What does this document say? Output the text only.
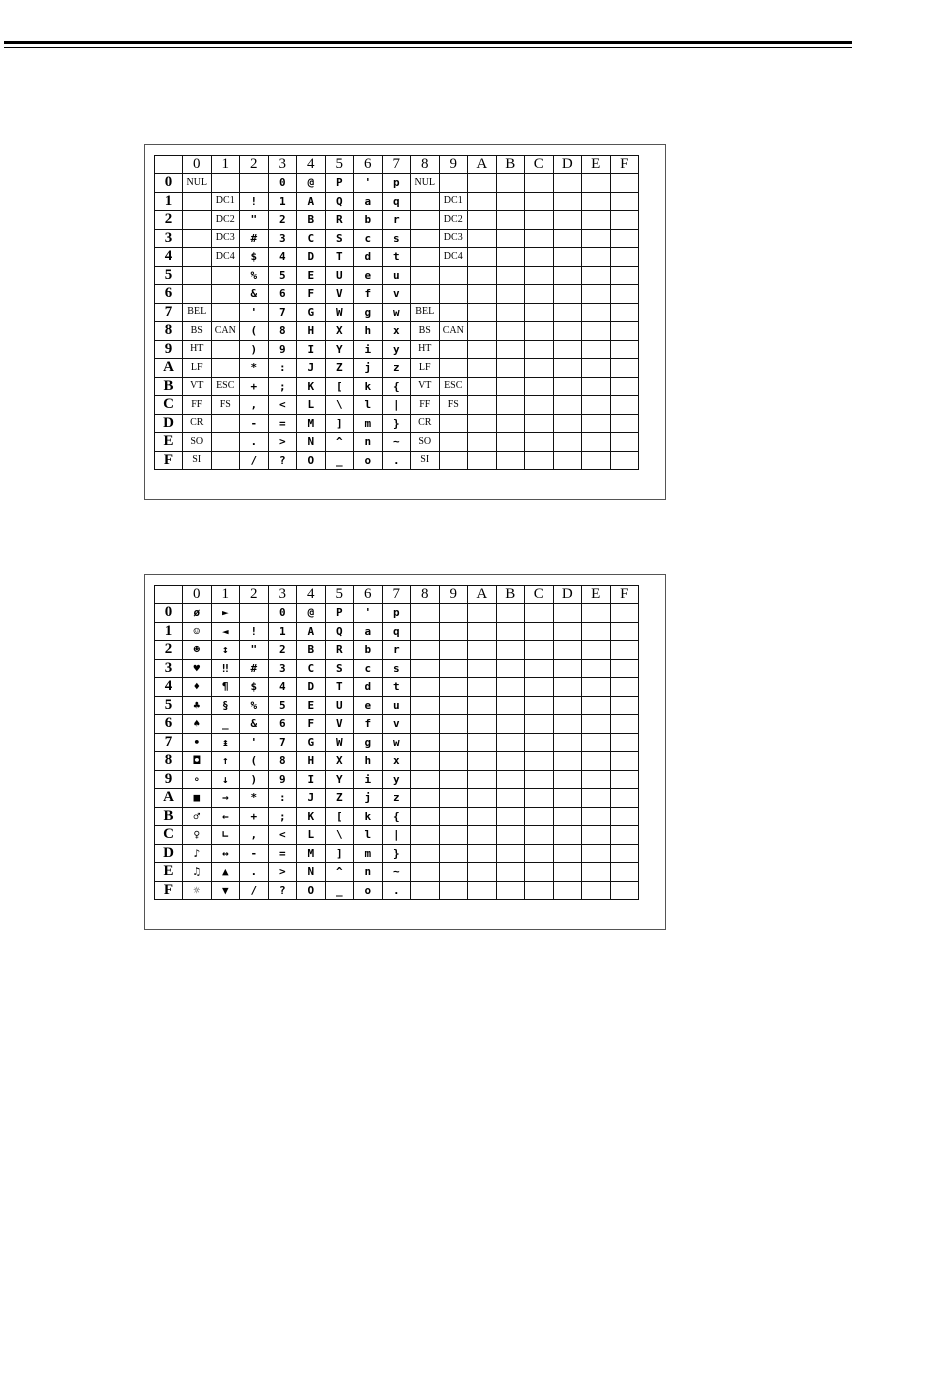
	0	1	2	3	4	5	6	7	8	9	A	B	C	D	E	F
0	NUL			0	@	P	'	p	NUL							
1		DC1	!	1	A	Q	a	q		DC1						
2		DC2	"	2	B	R	b	r		DC2						
3		DC3	#	3	C	S	c	s		DC3						
4		DC4	$	4	D	T	d	t		DC4						
5			%	5	E	U	e	u								
6			&	6	F	V	f	v								
7	BEL		'	7	G	W	g	w	BEL							
8	BS	CAN	(	8	H	X	h	x	BS	CAN						
9	HT		)	9	I	Y	i	y	HT							
A	LF		*	:	J	Z	j	z	LF							
B	VT	ESC	+	;	K	[	k	{	VT	ESC						
C	FF	FS	,	<	L	\	l	|	FF	FS						
D	CR		-	=	M	]	m	}	CR							
E	SO		.	>	N	^	n	~	SO							
F	SI		/	?	O	_	o	.	SI							
	0	1	2	3	4	5	6	7	8	9	A	B	C	D	E	F
0	ø	►		0	@	P	'	p								
1	☺	◄	!	1	A	Q	a	q								
2	☻	↕	"	2	B	R	b	r								
3	♥	‼	#	3	C	S	c	s								
4	♦	¶	$	4	D	T	d	t								
5	♣	§	%	5	E	U	e	u								
6	♠	_	&	6	F	V	f	v								
7	•	↨	'	7	G	W	g	w								
8	◘	↑	(	8	H	X	h	x								
9	∘	↓	)	9	I	Y	i	y								
A	■	→	*	:	J	Z	j	z								
B	♂	←	+	;	K	[	k	{								
C	♀	∟	,	<	L	\	l	|								
D	♪	↔	-	=	M	]	m	}								
E	♫	▲	.	>	N	^	n	~								
F	☼	▼	/	?	O	_	o	.								
